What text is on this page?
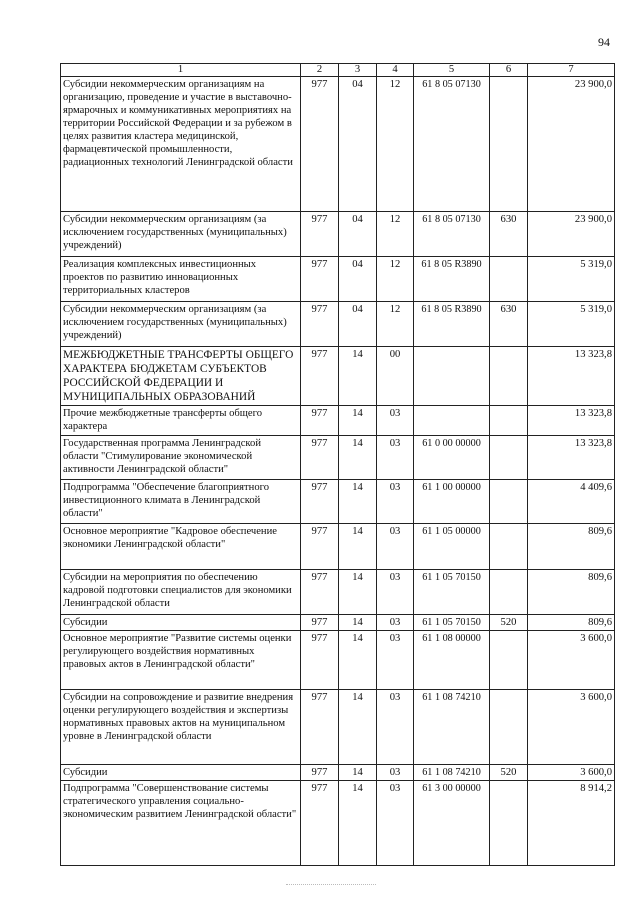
94
1	2	3	4	5	6	7
Субсидии некоммерческим организациям на организацию, проведение и участие в выставочно-ярмарочных и коммуникативных мероприятиях на территории Российской Федерации и за рубежом в целях развития кластера медицинской, фармацевтической промышленности, радиационных технологий Ленинградской области	977	04	12	61 8 05 07130		23 900,0
Субсидии некоммерческим организациям (за исключением государственных (муниципальных) учреждений)	977	04	12	61 8 05 07130	630	23 900,0
Реализация комплексных инвестиционных проектов по развитию инновационных территориальных кластеров	977	04	12	61 8 05 R3890		5 319,0
Субсидии некоммерческим организациям (за исключением государственных (муниципальных) учреждений)	977	04	12	61 8 05 R3890	630	5 319,0
МЕЖБЮДЖЕТНЫЕ ТРАНСФЕРТЫ ОБЩЕГО ХАРАКТЕРА БЮДЖЕТАМ СУБЪЕКТОВ РОССИЙСКОЙ ФЕДЕРАЦИИ И МУНИЦИПАЛЬНЫХ ОБРАЗОВАНИЙ	977	14	00			13 323,8
Прочие межбюджетные трансферты общего характера	977	14	03			13 323,8
Государственная программа Ленинградской области "Стимулирование экономической активности Ленинградской области"	977	14	03	61 0 00 00000		13 323,8
Подпрограмма "Обеспечение благоприятного инвестиционного климата в Ленинградской области"	977	14	03	61 1 00 00000		4 409,6
Основное мероприятие "Кадровое обеспечение экономики Ленинградской области"	977	14	03	61 1 05 00000		809,6
Субсидии на мероприятия по обеспечению кадровой подготовки специалистов для экономики Ленинградской области	977	14	03	61 1 05 70150		809,6
Субсидии	977	14	03	61 1 05 70150	520	809,6
Основное мероприятие "Развитие системы оценки регулирующего воздействия нормативных правовых актов в Ленинградской области"	977	14	03	61 1 08 00000		3 600,0
Субсидии на сопровождение и развитие внедрения оценки регулирующего воздействия и экспертизы нормативных правовых актов на муниципальном уровне в Ленинградской области	977	14	03	61 1 08 74210		3 600,0
Субсидии	977	14	03	61 1 08 74210	520	3 600,0
Подпрограмма "Совершенствование системы стратегического управления социально-экономическим развитием Ленинградской области"	977	14	03	61 3 00 00000		8 914,2
